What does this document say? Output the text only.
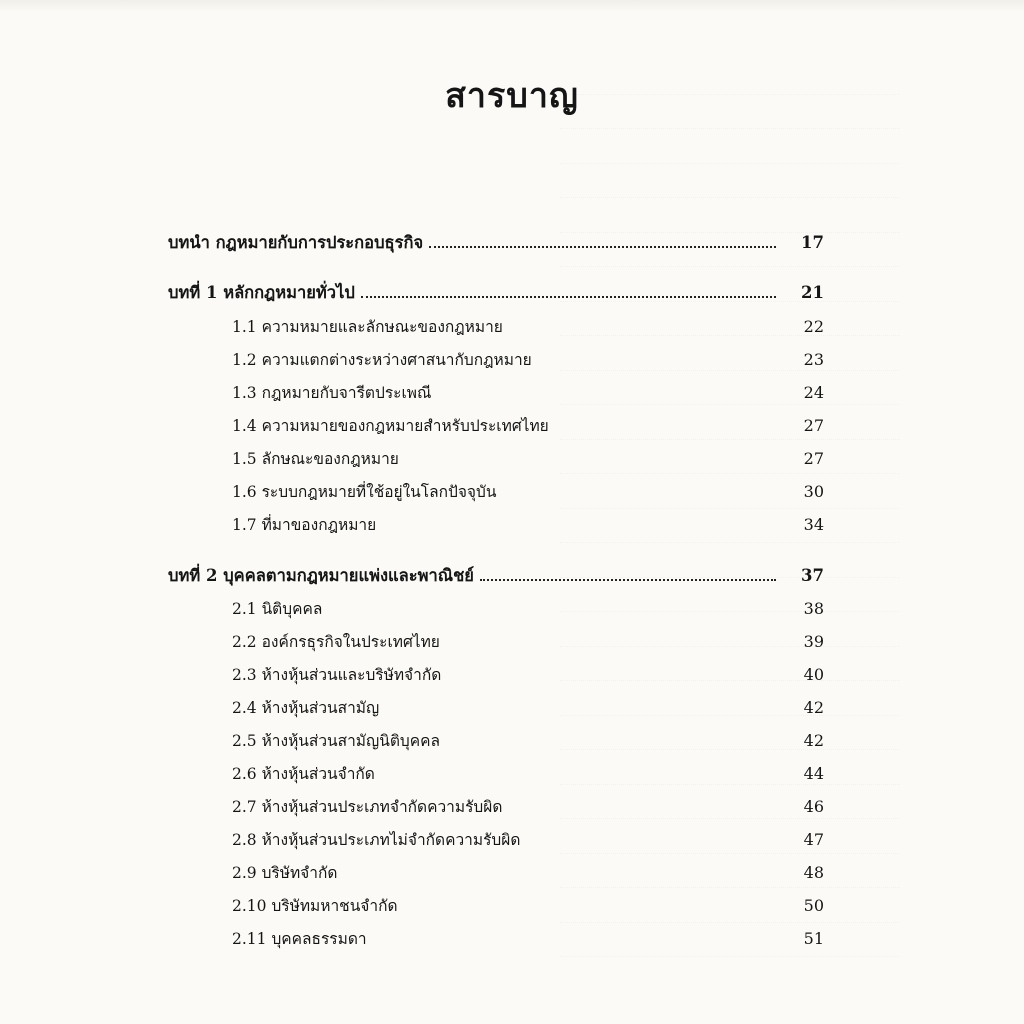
สารบาญ
บทนำ กฎหมายกับการประกอบธุรกิจ	17
บทที่ 1 หลักกฎหมายทั่วไป	21
1.1 ความหมายและลักษณะของกฎหมาย	22
1.2 ความแตกต่างระหว่างศาสนากับกฎหมาย	23
1.3 กฎหมายกับจารีตประเพณี	24
1.4 ความหมายของกฎหมายสำหรับประเทศไทย	27
1.5 ลักษณะของกฎหมาย	27
1.6 ระบบกฎหมายที่ใช้อยู่ในโลกปัจจุบัน	30
1.7 ที่มาของกฎหมาย	34
บทที่ 2 บุคคลตามกฎหมายแพ่งและพาณิชย์	37
2.1 นิติบุคคล	38
2.2 องค์กรธุรกิจในประเทศไทย	39
2.3 ห้างหุ้นส่วนและบริษัทจำกัด	40
2.4 ห้างหุ้นส่วนสามัญ	42
2.5 ห้างหุ้นส่วนสามัญนิติบุคคล	42
2.6 ห้างหุ้นส่วนจำกัด	44
2.7 ห้างหุ้นส่วนประเภทจำกัดความรับผิด	46
2.8 ห้างหุ้นส่วนประเภทไม่จำกัดความรับผิด	47
2.9 บริษัทจำกัด	48
2.10 บริษัทมหาชนจำกัด	50
2.11 บุคคลธรรมดา	51
